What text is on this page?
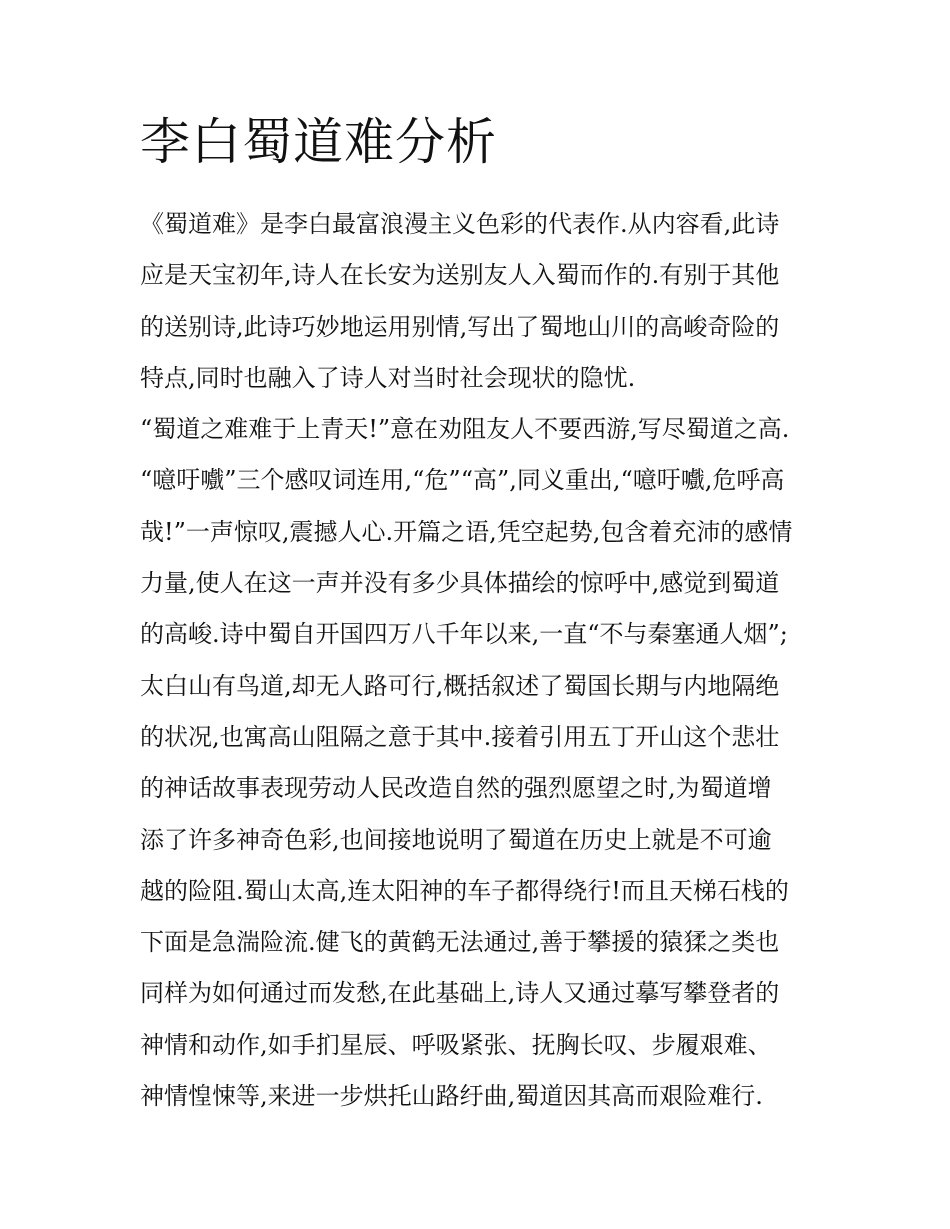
李白蜀道难分析
《蜀道难》是李白最富浪漫主义色彩的代表作.从内容看,此诗
应是天宝初年,诗人在长安为送别友人入蜀而作的.有别于其他
的送别诗,此诗巧妙地运用别情,写出了蜀地山川的高峻奇险的
特点,同时也融入了诗人对当时社会现状的隐忧.
“蜀道之难难于上青天!”意在劝阻友人不要西游,写尽蜀道之高.
“噫吁嚱”三个感叹词连用,“危”“高”,同义重出,“噫吁嚱,危呼高
哉!”一声惊叹,震撼人心.开篇之语,凭空起势,包含着充沛的感情
力量,使人在这一声并没有多少具体描绘的惊呼中,感觉到蜀道
的高峻.诗中蜀自开国四万八千年以来,一直“不与秦塞通人烟”;
太白山有鸟道,却无人路可行,概括叙述了蜀国长期与内地隔绝
的状况,也寓高山阻隔之意于其中.接着引用五丁开山这个悲壮
的神话故事表现劳动人民改造自然的强烈愿望之时,为蜀道增
添了许多神奇色彩,也间接地说明了蜀道在历史上就是不可逾
越的险阻.蜀山太高,连太阳神的车子都得绕行!而且天梯石栈的
下面是急湍险流.健飞的黄鹤无法通过,善于攀援的猿猱之类也
同样为如何通过而发愁,在此基础上,诗人又通过摹写攀登者的
神情和动作,如手扪星辰、呼吸紧张、抚胸长叹、步履艰难、
神情惶悚等,来进一步烘托山路纡曲,蜀道因其高而艰险难行.
